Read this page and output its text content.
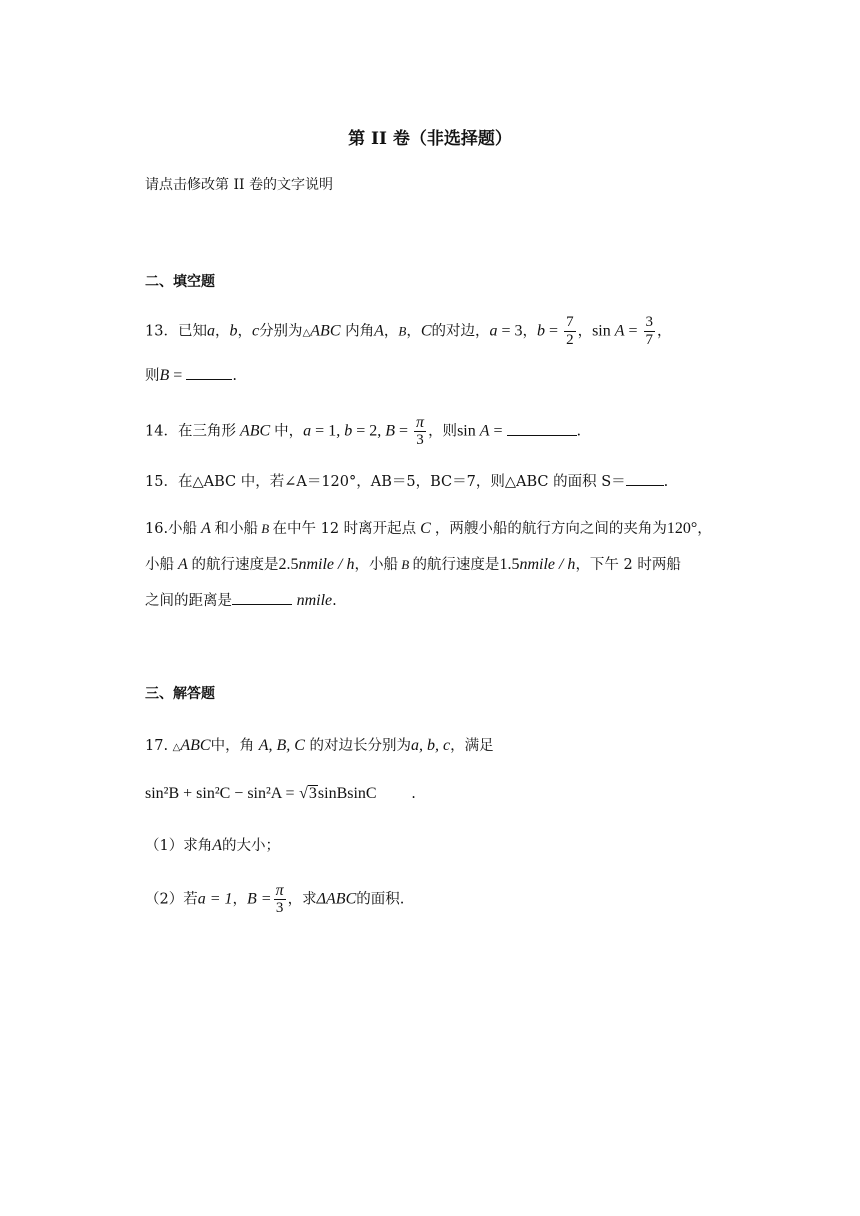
第 II 卷（非选择题）
请点击修改第 II 卷的文字说明
二、填空题
13．已知a，b，c分别为△ABC 内角A，B，C的对边，a = 3，$b = \frac{7}{2}$ ，$\sin A = \frac{3}{7}$ ，
则B =	.
14．在三角形 ABC 中，a = 1, b = 2, $B = \frac{\pi}{3}$ ，则sin A =	.
15．在△ABC 中，若∠A＝120°，AB＝5，BC＝7，则△ABC 的面积 S＝	.
16.小船 A 和小船 B 在中午 12 时离开起点 C ，两艘小船的航行方向之间的夹角为120°，
小船 A 的航行速度是2.5nmile / h，小船 B 的航行速度是1.5nmile / h，下午 2 时两船
之间的距离是	nmile.
三、解答题
17. △ABC中，角 A, B, C 的对边长分别为a, b, c，满足
sin²B + sin²C − sin²A = √3sinBsinC .
（1）求角A的大小；
（2）若a = 1，$B = \frac{\pi}{3}$ ，求ΔABC的面积.
